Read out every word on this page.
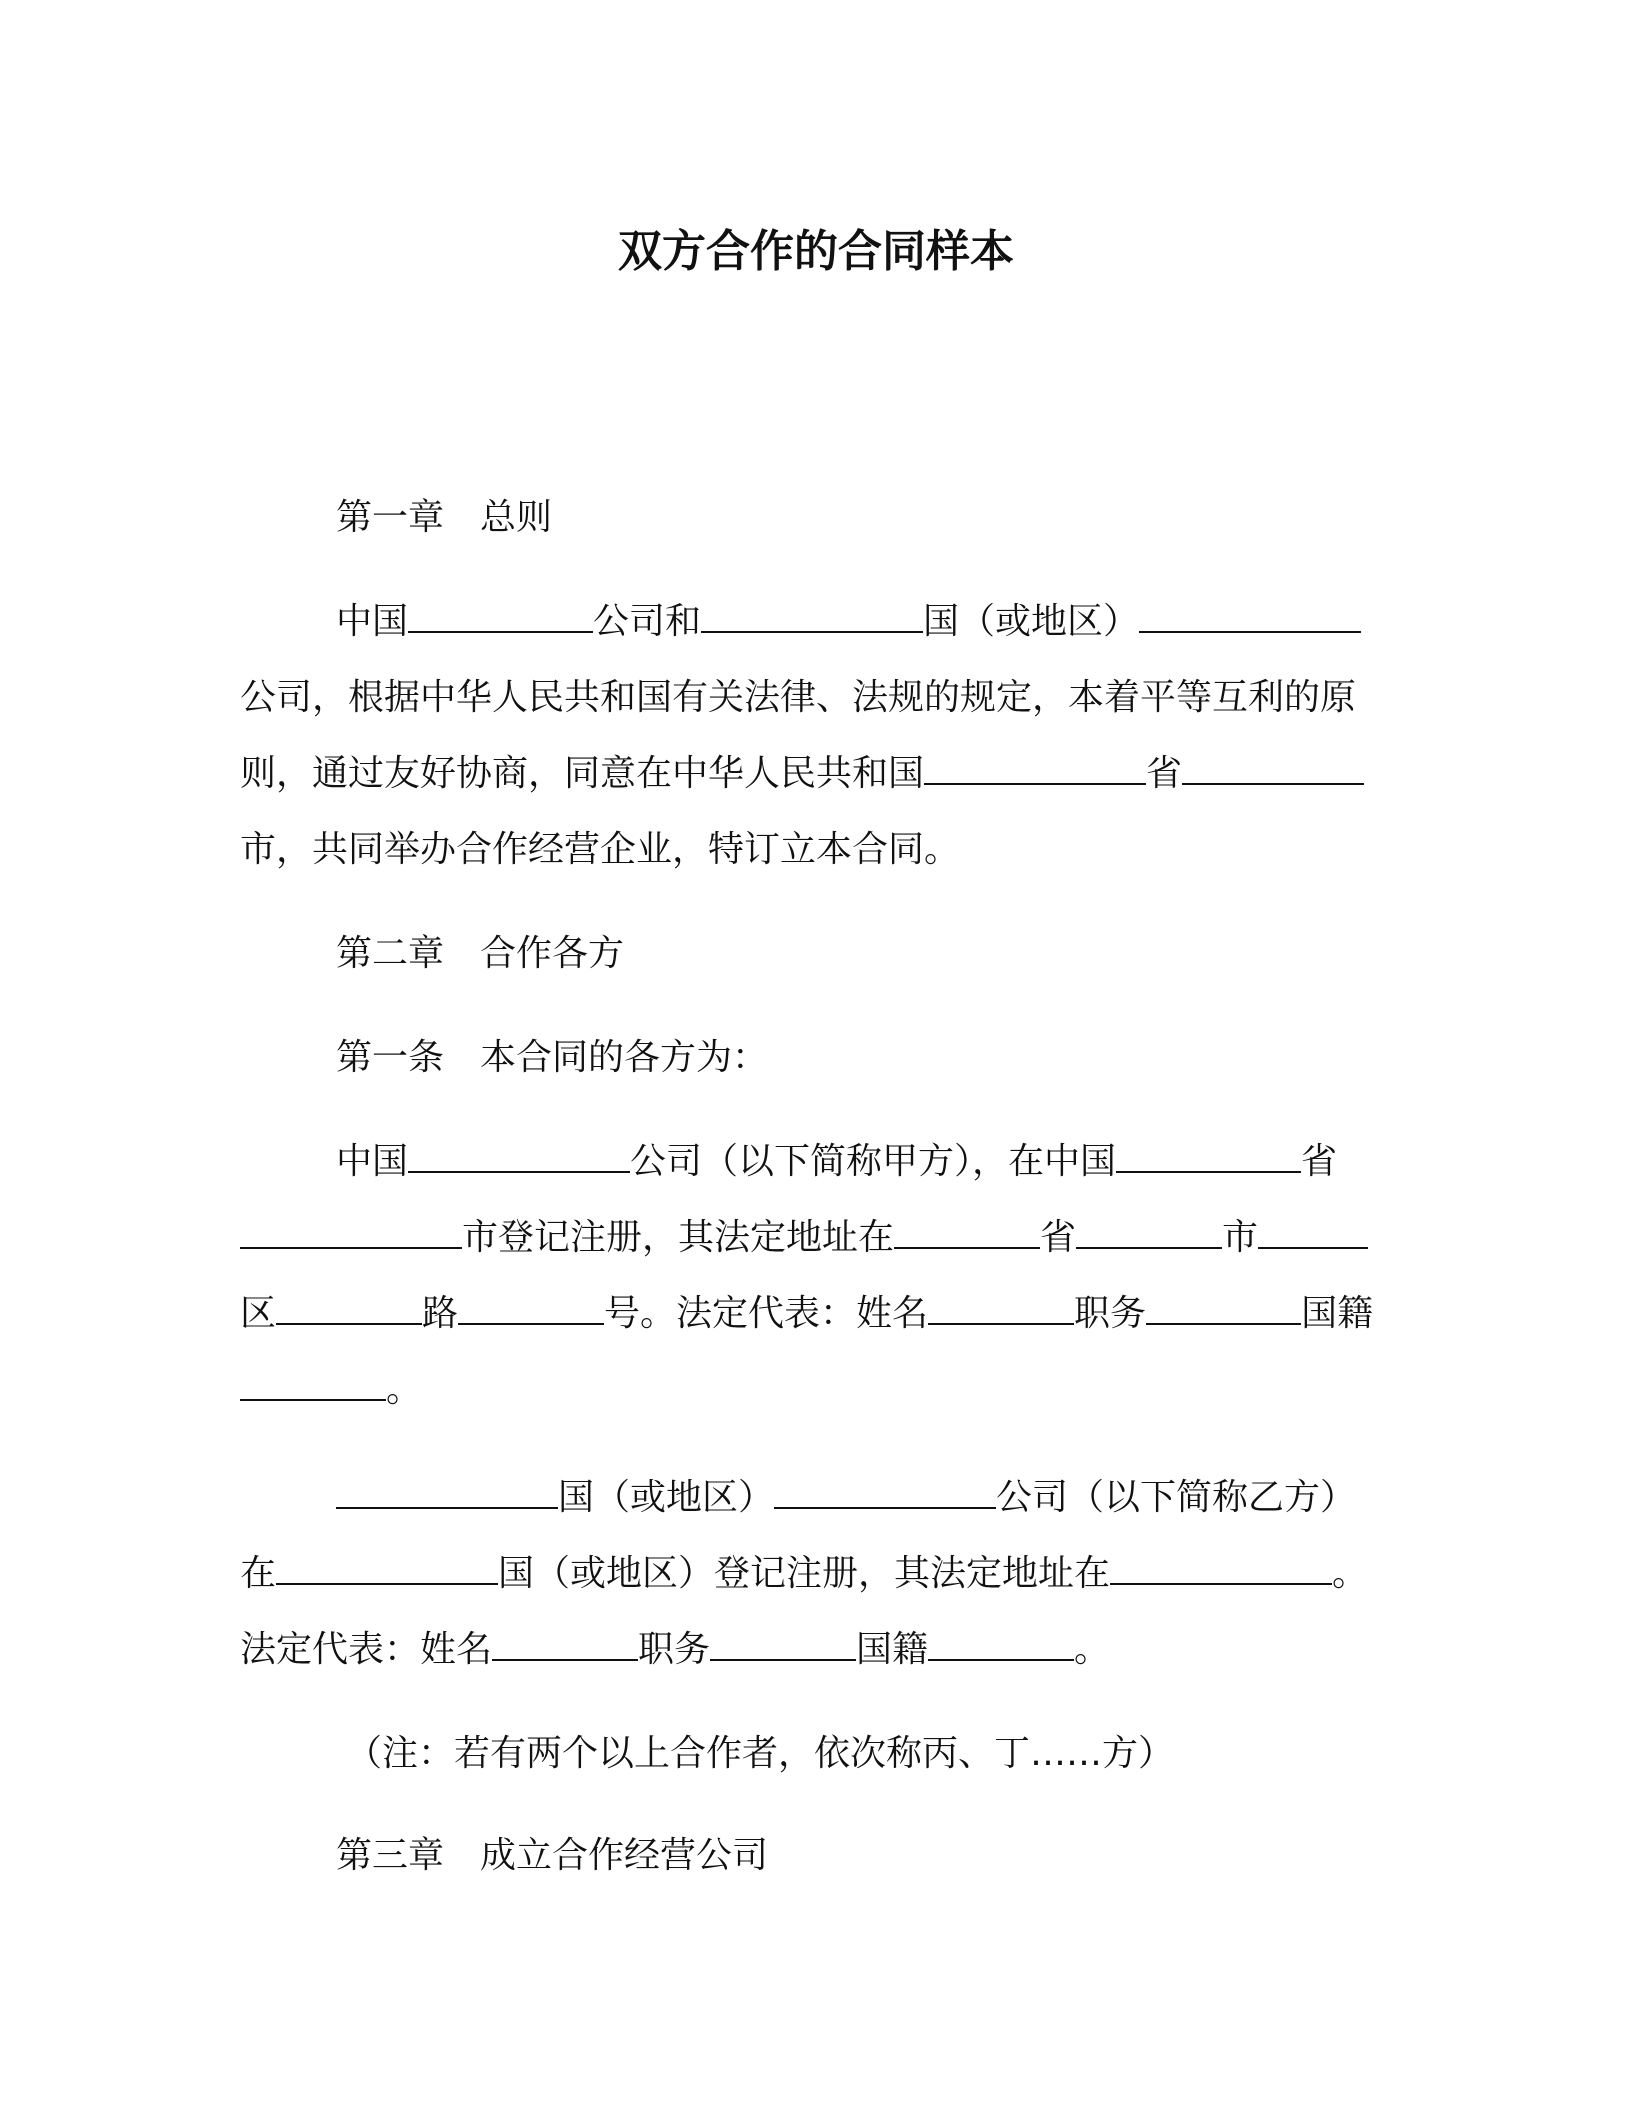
双方合作的合同样本

第一章　总则

中国	公司和	国（或地区）公司，根据中华人民共和国有关法律、法规的规定，本着平等互利的原则，通过友好协商，同意在中华人民共和国	省市，共同举办合作经营企业，特订立本合同。

第二章　合作各方

第一条　本合同的各方为：

中国	公司（以下简称甲方），在中国	省市登记注册，其法定地址在	省	市区	路	号。法定代表：姓名	职务	国籍。

国（或地区）	公司（以下简称乙方）在	国（或地区）登记注册，其法定地址在	。法定代表：姓名	职务	国籍	。

（注：若有两个以上合作者，依次称丙、丁……方）

第三章　成立合作经营公司
